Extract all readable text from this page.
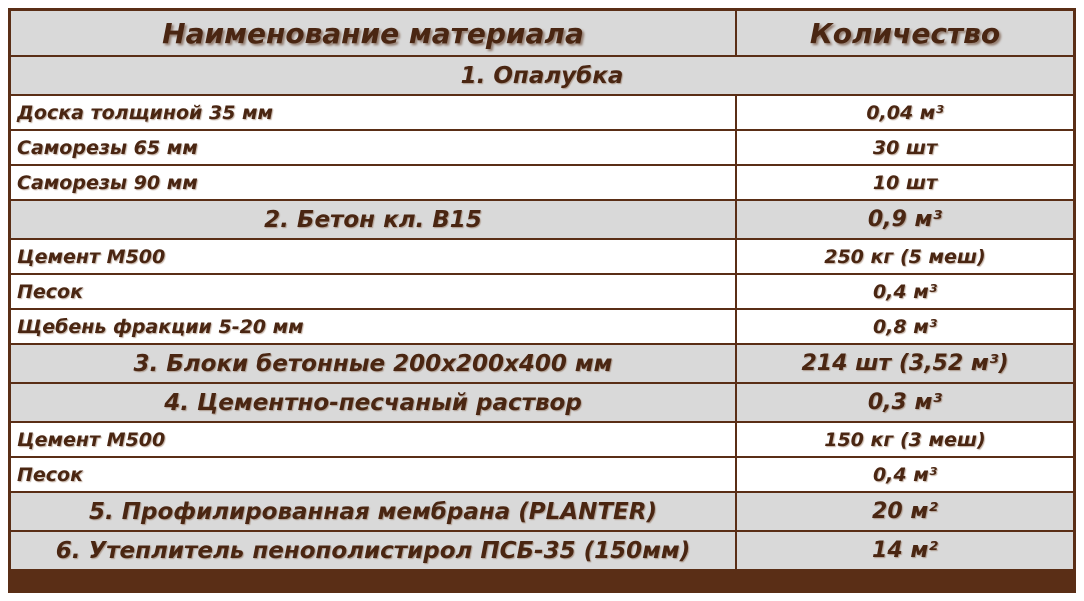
Наименование материала	Количество
1. Опалубка
Доска толщиной 35 мм	0,04 м³
Саморезы 65 мм	30 шт
Саморезы 90 мм	10 шт
2. Бетон кл. В15	0,9 м³
Цемент М500	250 кг (5 меш)
Песок	0,4 м³
Щебень фракции 5-20 мм	0,8 м³
3. Блоки бетонные 200х200х400 мм	214 шт (3,52 м³)
4. Цементно-песчаный раствор	0,3 м³
Цемент М500	150 кг (3 меш)
Песок	0,4 м³
5. Профилированная мембрана (PLANTER)	20 м²
6. Утеплитель пенополистирол ПСБ-35 (150мм)	14 м²
